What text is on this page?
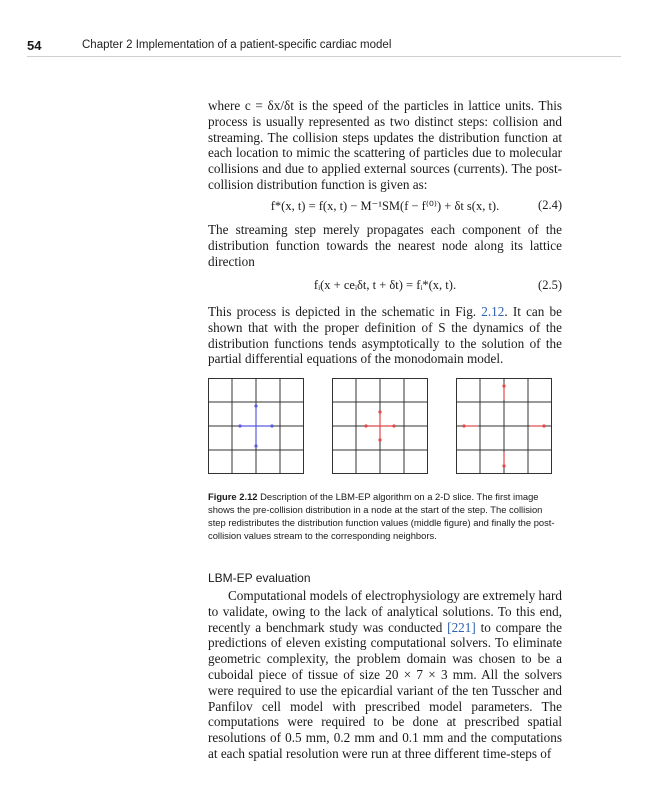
54	Chapter 2 Implementation of a patient-specific cardiac model

where c = δx/δt is the speed of the particles in lattice units. This process is usually represented as two distinct steps: collision and streaming. The collision steps updates the distribution function at each location to mimic the scattering of particles due to molecular collisions and due to applied external sources (currents). The post-collision distribution function is given as:

f*(x, t) = f(x, t) − M⁻¹SM(f − f⁽⁰⁾) + δt s(x, t).	(2.4)

The streaming step merely propagates each component of the distribution function towards the nearest node along its lattice direction

fᵢ(x + ceᵢδt, t + δt) = fᵢ*(x, t).	(2.5)

This process is depicted in the schematic in Fig. 2.12. It can be shown that with the proper definition of S the dynamics of the distribution functions tends asymptotically to the solution of the partial differential equations of the monodomain model.

Figure 2.12 Description of the LBM-EP algorithm on a 2-D slice. The first image shows the pre-collision distribution in a node at the start of the step. The collision step redistributes the distribution function values (middle figure) and finally the post-collision values stream to the corresponding neighbors.

LBM-EP evaluation

Computational models of electrophysiology are extremely hard to validate, owing to the lack of analytical solutions. To this end, recently a benchmark study was conducted [221] to compare the predictions of eleven existing computational solvers. To eliminate geometric complexity, the problem domain was chosen to be a cuboidal piece of tissue of size 20 × 7 × 3 mm. All the solvers were required to use the epicardial variant of the ten Tusscher and Panfilov cell model with prescribed model parameters. The computations were required to be done at prescribed spatial resolutions of 0.5 mm, 0.2 mm and 0.1 mm and the computations at each spatial resolution were run at three different time-steps of
